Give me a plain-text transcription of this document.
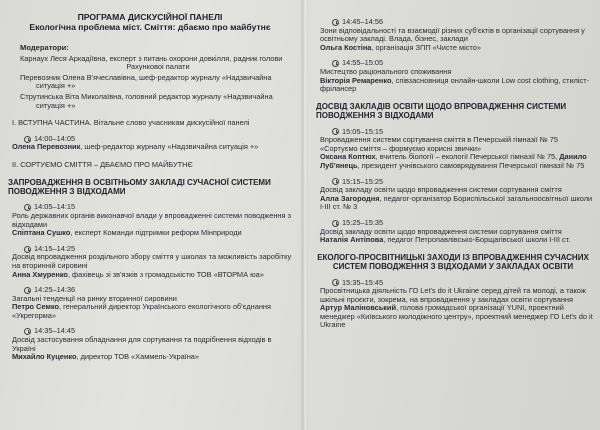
ПРОГРАМА ДИСКУСІЙНОЇ ПАНЕЛІ
Екологічна проблема міст. Сміття: дбаємо про майбутнє
Модератори:
Карнаух Леся Аркадіївна, експерт з питань охорони довкілля, радник голови
Рахунковоі палати
Перевозник Олена В'ячеславівна, шеф-редактор журналу «Надзвичайна
ситуація +»
Струтинська Віта Миколаївна, головний редактор журналу «Надзвичайна
ситуація +»
I. ВСТУПНА ЧАСТИНА. Вітальне слово учасникам дискусійної панелі
14:00–14:05
Олена Перевозник, шеф-редактор журналу «Надзвичайна ситуація +»
II. СОРТУЄМО СМІТТЯ – ДБАЄМО ПРО МАЙБУТНЄ
ЗАПРОВАДЖЕННЯ В ОСВІТНЬОМУ ЗАКЛАДІ СУЧАСНОЇ СИСТЕМИ ПОВОДЖЕННЯ З ВІДХОДАМИ
14:05–14:15
Роль державних органів виконавчої влади у впровадженні системи поводження з відходами
Спіптана Сушко, експерт Команди підтримки реформ Мінприроди
14:15–14:25
Досвід впровадження роздільного збору сміття у школах та можливість заробітку на вторинній сировині
Анна Хмуренко, фахівець зі зв'язків з громадськістю ТОВ «ВТОРМА юа»
14:25–14:36
Загальні тенденції на ринку вторинної сировини
Петро Семко, генеральний директор Українського екологічного об'єднання «Укрегорма»
14:35–14:45
Досвід застосування обладнання для сортування та подрібнення відходів в Україні
Михайло Куценко, директор ТОВ «Хаммель-Україна»
14:45–14:56
Зони відповідальності та взаємодії різних суб'єктів в організації сортування у освітньому закладі. Влада, бізнес, заклади
Ольга Костіна, організація ЗПП «Чисте місто»
14:55–15:05
Мистецтво раціонального споживання
Вікторія Ремаренко, співзасновниця онлайн-школи Low cost clothing, стиліст-фрілансер
ДОСВІД ЗАКЛАДІВ ОСВІТИ ЩОДО ВПРОВАДЖЕННЯ СИСТЕМИ ПОВОДЖЕННЯ З ВІДХОДАМИ
15:05–15:15
Впровадження системи сортування сміття в Печерській гімназії № 75 «Сортуємо сміття – формуємо корисні звички»
Оксана Коптюх, вчитель біології – екології Печерської гімназії № 75, Данило Луб'янець, президент учнівського самоврядування Печерської гімназії № 75
15:15–15:25
Досвід закладу освіти щодо впровадження системи сортування сміття
Алла Загородня, педагог-організатор Бориспільської загальноосвітньої школи І-ІІІ ст. № 3
15:25–15:35
Досвід закладу освіти щодо впровадження системи сортування сміття
Наталія Антіпова, педагог Петропавлівсько-Борщагівської школи І-ІІІ ст.
ЕКОЛОГО-ПРОСВІТНИЦЬКІ ЗАХОДИ ІЗ ВПРОВАДЖЕННЯ СУЧАСНИХ СИСТЕМ ПОВОДЖЕННЯ З ВІДХОДАМИ У ЗАКЛАДАХ ОСВІТИ
15:35–15:45
Просвітницька діяльність ГО Let's do it Ukraine серед дітей та молоді, а також шкільні проєкти, зокрема, на впровадження у закладах освіти сортування
Артур Маліновський, голова громадської організації YUNI, проектний менеджер «Київського молодіжного центру», проектний менеджер ГО Let's do it Ukraine
